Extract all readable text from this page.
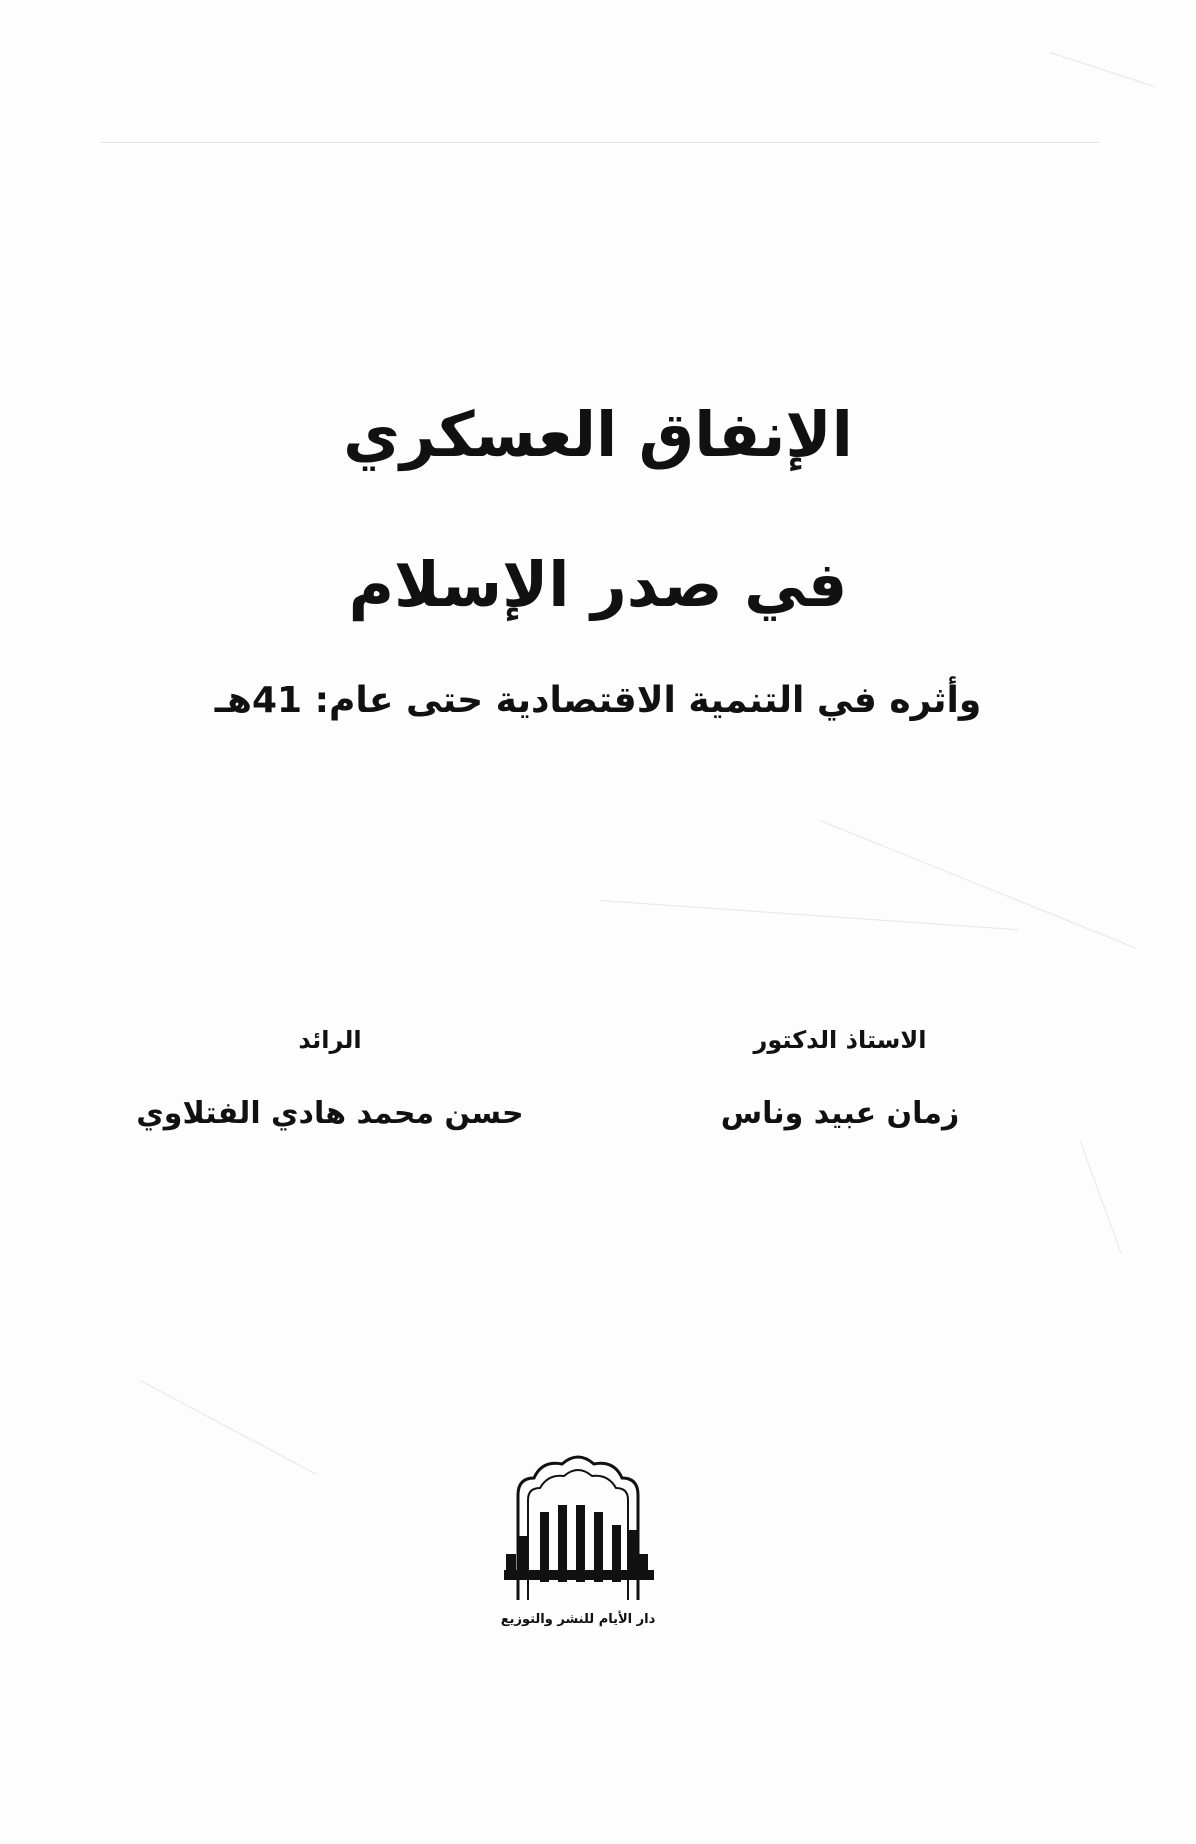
الإنفاق العسكري
في صدر الإسلام
وأثره في التنمية الاقتصادية حتى عام: 41هـ
الاستاذ الدكتور
زمان عبيد وناس
الرائد
حسن محمد هادي الفتلاوي
دار الأيام للنشر والتوزيع
